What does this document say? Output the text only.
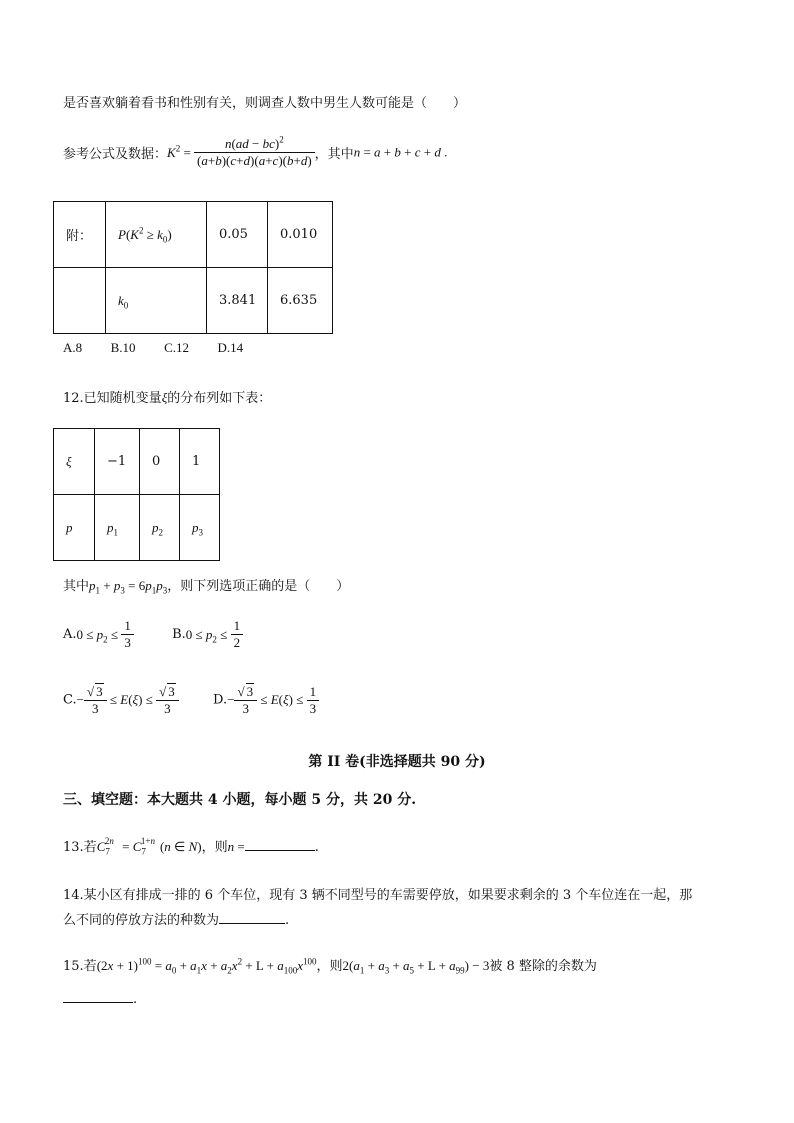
是否喜欢躺着看书和性别有关，则调查人数中男生人数可能是（　　）
参考公式及数据：$K^2 = \frac{n(ad - bc)^2}{(a+b)(c+d)(a+c)(b+d)}$ ，其中n = a + b + c + d .
附：	$P(K^2 \ge k_0)$	0.05	0.010
	$k_0$	3.841	6.635
A.8 B.10 C.12 D.14
12.已知随机变量ξ的分布列如下表：
ξ	−1	0	1
p	$p_1$	$p_2$	$p_3$
其中$p_1 + p_3 = 6p_1p_3$，则下列选项正确的是（　　）
$A.0 \le p_2 \le \frac{1}{3}$	$B.0 \le p_2 \le \frac{1}{2}$
$C.- \frac{√ 3}{3} \le E(\xi) \le \frac{√ 3}{3}$	$D.- \frac{√ 3}{3} \le E(\xi) \le \frac{1}{3}$
第 II 卷(非选择题共 90 分)
三、填空题：本大题共 4 小题，每小题 5 分，共 20 分.
13.若$C_7^{2n} = C_7^{1+n}$ (n ∈ N)，则n =	.
14.某小区有排成一排的 6 个车位，现有 3 辆不同型号的车需要停放，如果要求剩余的 3 个车位连在一起，那
么不同的停放方法的种数为	.
15.若$(2x + 1)^{100} = a_0 + a_1x + a_2x^2 + L + a_{100}x^{100}$，则$2(a_1 + a_3 + a_5 + L + a_{99}) - 3$被 8 整除的余数为
.
